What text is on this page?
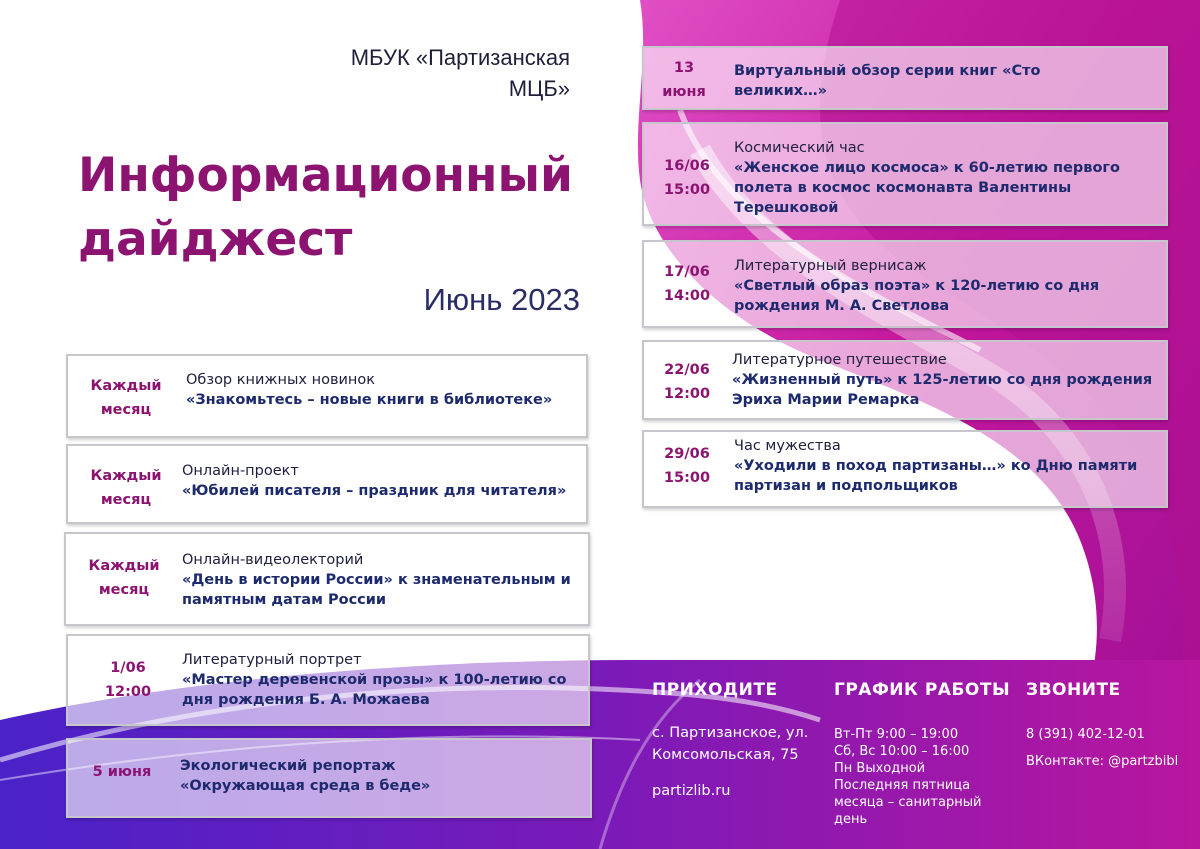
МБУК «Партизанская МЦБ»
Информационный дайджест
Июнь 2023
Каждый месяц
Обзор книжных новинок
«Знакомьтесь – новые книги в библиотеке»
Каждый месяц
Онлайн-проект
«Юбилей писателя – праздник для читателя»
Каждый месяц
Онлайн-видеолекторий
«День в истории России» к знаменательным и памятным датам России
1/06 12:00
Литературный портрет
«Мастер деревенской прозы» к 100-летию со дня рождения Б. А. Можаева
5 июня Экологический репортаж
«Окружающая среда в беде»
13 июня
Виртуальный обзор серии книг «Сто великих…»
16/06 15:00
Космический час
«Женское лицо космоса» к 60-летию первого полета в космос космонавта Валентины Терешковой
17/06 14:00
Литературный вернисаж
«Светлый образ поэта» к 120-летию со дня рождения М. А. Светлова
22/06 12:00
Литературное путешествие
«Жизненный путь» к 125-летию со дня рождения Эриха Марии Ремарка
29/06 15:00
Час мужества
«Уходили в поход партизаны…» ко Дню памяти партизан и подпольщиков
ПРИХОДИТЕ
с. Партизанское, ул. Комсомольская, 75
partizlib.ru
ГРАФИК РАБОТЫ
Вт-Пт 9:00 – 19:00
Сб, Вс 10:00 – 16:00
Пн Выходной
Последняя пятница месяца – санитарный день
ЗВОНИТЕ
8 (391) 402-12-01
ВКонтакте: @partzbibl
